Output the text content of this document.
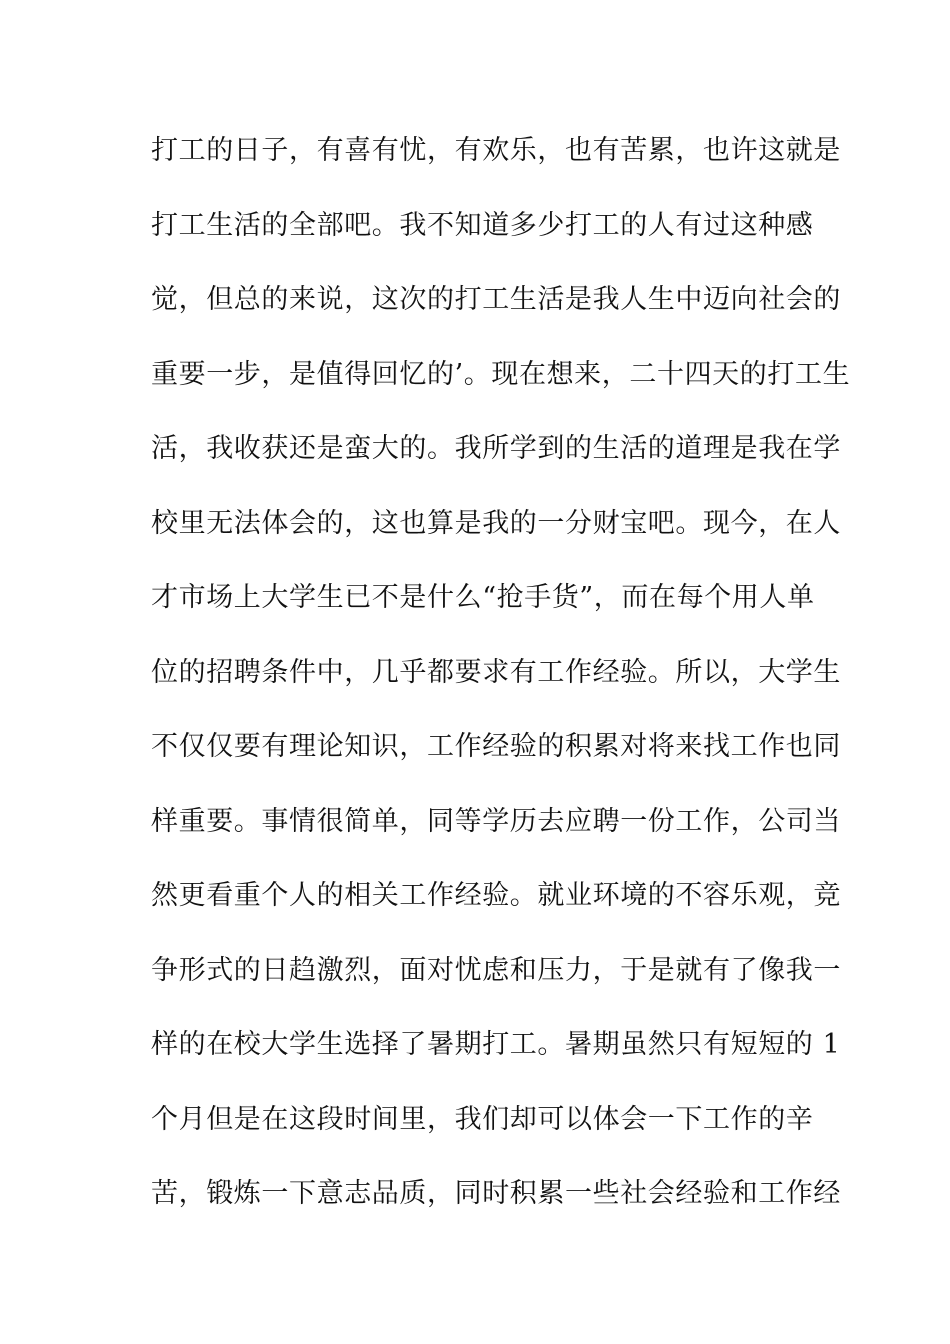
打工的日子，有喜有忧，有欢乐，也有苦累，也许这就是
打工生活的全部吧。我不知道多少打工的人有过这种感
觉，但总的来说，这次的打工生活是我人生中迈向社会的
重要一步，是值得回忆的’。现在想来，二十四天的打工生
活，我收获还是蛮大的。我所学到的生活的道理是我在学
校里无法体会的，这也算是我的一分财宝吧。现今，在人
才市场上大学生已不是什么“抢手货”，而在每个用人单
位的招聘条件中，几乎都要求有工作经验。所以，大学生
不仅仅要有理论知识，工作经验的积累对将来找工作也同
样重要。事情很简单，同等学历去应聘一份工作，公司当
然更看重个人的相关工作经验。就业环境的不容乐观，竞
争形式的日趋激烈，面对忧虑和压力，于是就有了像我一
样的在校大学生选择了暑期打工。暑期虽然只有短短的 1
个月但是在这段时间里，我们却可以体会一下工作的辛
苦，锻炼一下意志品质，同时积累一些社会经验和工作经
